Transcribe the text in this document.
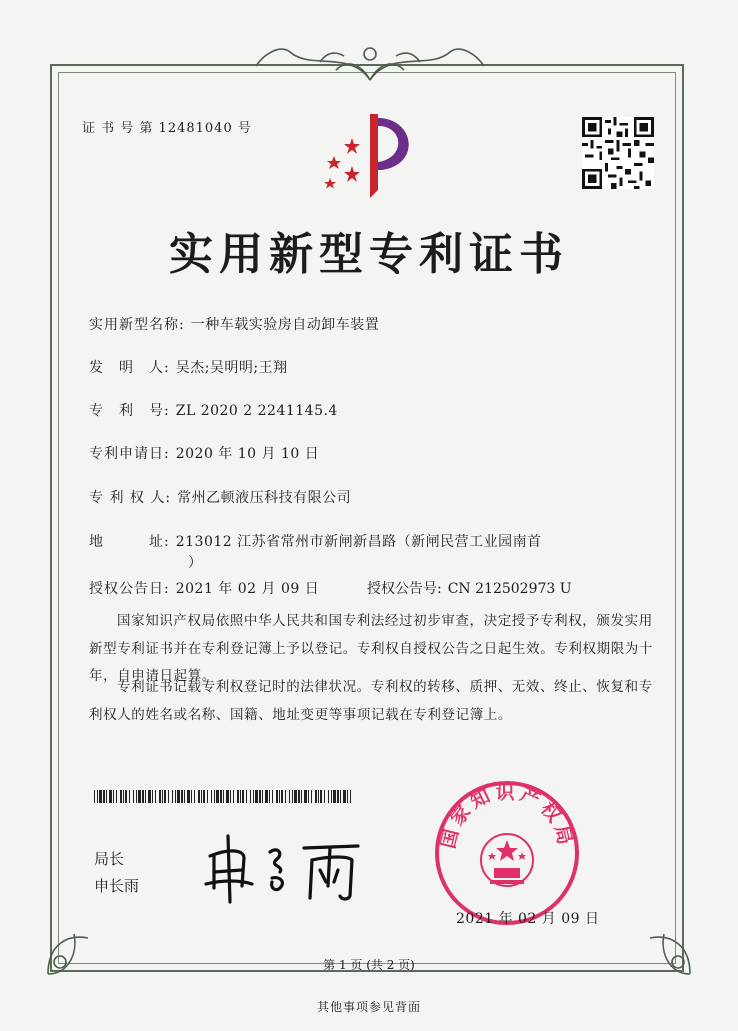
证 书 号 第 12481040 号
实用新型专利证书
实用新型名称: 一种车载实验房自动卸车装置
发　明　人: 吴杰;吴明明;王翔
专　利　号: ZL 2020 2 2241145.4
专利申请日: 2020 年 10 月 10 日
专 利 权 人: 常州乙顿液压科技有限公司
地　　　址: 213012 江苏省常州市新闸新昌路（新闸民营工业园南首
）
授权公告日: 2021 年 02 月 09 日	授权公告号: CN 212502973 U
国家知识产权局依照中华人民共和国专利法经过初步审查，决定授予专利权，颁发实用新型专利证书并在专利登记簿上予以登记。专利权自授权公告之日起生效。专利权期限为十年，自申请日起算。
专利证书记载专利权登记时的法律状况。专利权的转移、质押、无效、终止、恢复和专利权人的姓名或名称、国籍、地址变更等事项记载在专利登记簿上。
局长
申长雨
国家知识产权局
2021 年 02 月 09 日
第 1 页 (共 2 页)
其他事项参见背面
